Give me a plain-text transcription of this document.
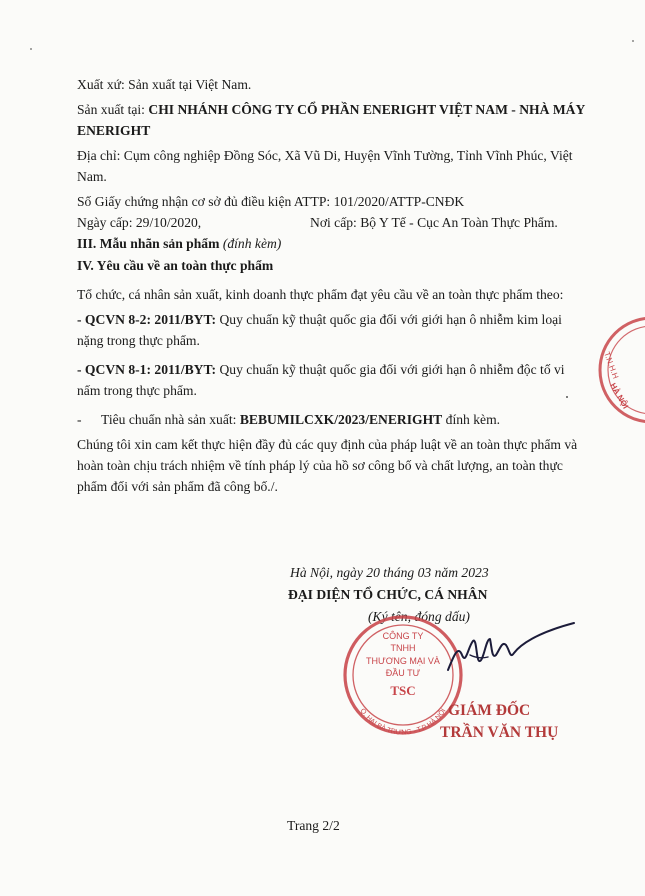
Xuất xứ: Sản xuất tại Việt Nam.

Sản xuất tại: CHI NHÁNH CÔNG TY CỔ PHẦN ENERIGHT VIỆT NAM - NHÀ MÁY ENERIGHT

Địa chỉ: Cụm công nghiệp Đồng Sóc, Xã Vũ Di, Huyện Vĩnh Tường, Tỉnh Vĩnh Phúc, Việt Nam.

Số Giấy chứng nhận cơ sở đủ điều kiện ATTP: 101/2020/ATTP-CNĐK

Ngày cấp: 29/10/2020,	Nơi cấp: Bộ Y Tế - Cục An Toàn Thực Phẩm.

III. Mẫu nhãn sản phẩm (đính kèm)

IV. Yêu cầu về an toàn thực phẩm

Tổ chức, cá nhân sản xuất, kinh doanh thực phẩm đạt yêu cầu về an toàn thực phẩm theo:

- QCVN 8-2: 2011/BYT: Quy chuẩn kỹ thuật quốc gia đối với giới hạn ô nhiễm kim loại nặng trong thực phẩm.

- QCVN 8-1: 2011/BYT: Quy chuẩn kỹ thuật quốc gia đối với giới hạn ô nhiễm độc tố vi nấm trong thực phẩm.

- Tiêu chuẩn nhà sản xuất: BEBUMILCXK/2023/ENERIGHT đính kèm.

Chúng tôi xin cam kết thực hiện đầy đủ các quy định của pháp luật về an toàn thực phẩm và hoàn toàn chịu trách nhiệm về tính pháp lý của hồ sơ công bố và chất lượng, an toàn thực phẩm đối với sản phẩm đã công bố./.

T.N.H.H
HÀ NỘI
Hà Nội, ngày 20 tháng 03 năm 2023
ĐẠI DIỆN TỔ CHỨC, CÁ NHÂN
(Ký tên, đóng dấu)
CÔNG TY
TNHH
THƯƠNG MẠI VÀ
ĐẦU TƯ
TSC
Q. HAI BÀ TRƯNG - T.P HÀ NỘI GIÁM ĐỐC
TRẦN VĂN THỤ
Trang 2/2
